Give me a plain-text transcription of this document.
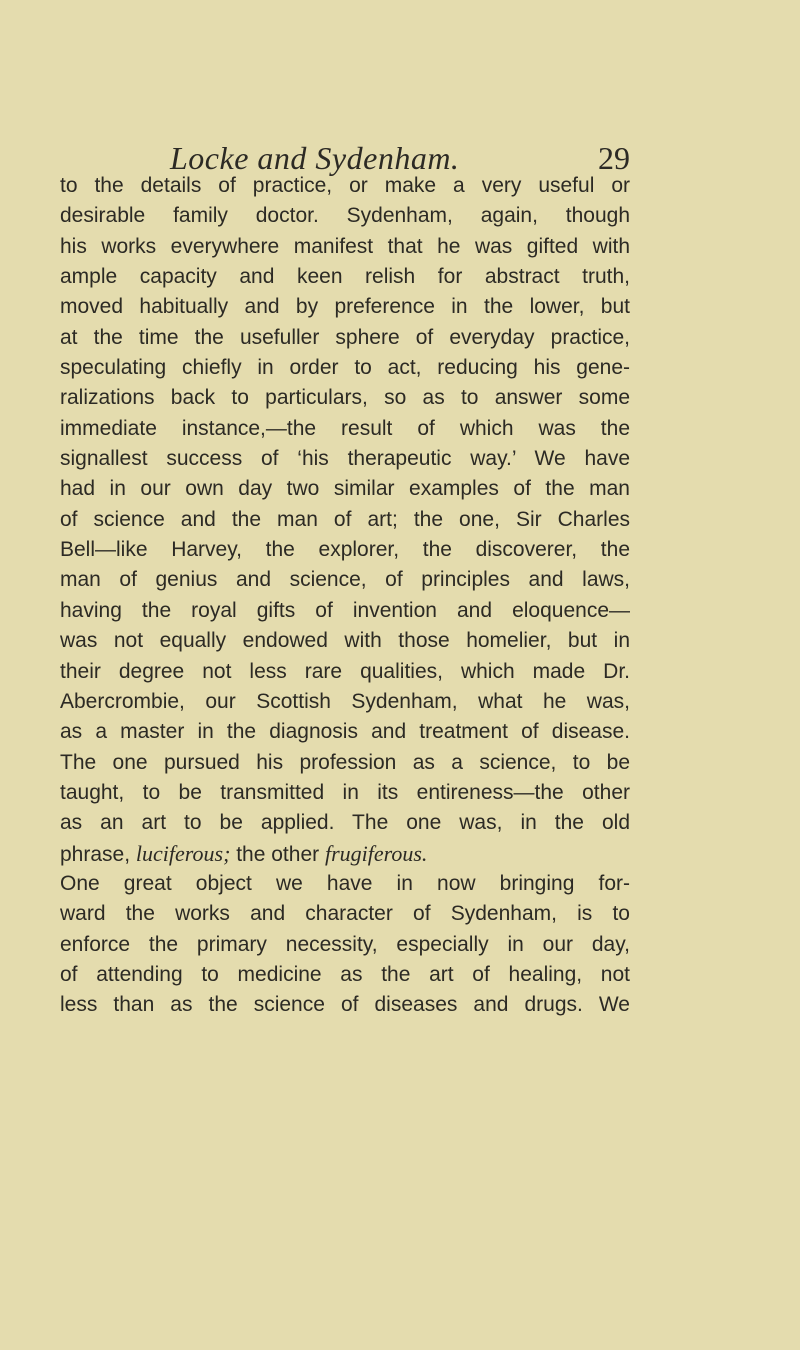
Locke and Sydenham.	29
to the details of practice, or make a very useful or
desirable family doctor. Sydenham, again, though
his works everywhere manifest that he was gifted with
ample capacity and keen relish for abstract truth,
moved habitually and by preference in the lower, but
at the time the usefuller sphere of everyday practice,
speculating chiefly in order to act, reducing his gene-
ralizations back to particulars, so as to answer some
immediate instance,—the result of which was the
signallest success of ‘his therapeutic way.’ We have
had in our own day two similar examples of the man
of science and the man of art; the one, Sir Charles
Bell—like Harvey, the explorer, the discoverer, the
man of genius and science, of principles and laws,
having the royal gifts of invention and eloquence—
was not equally endowed with those homelier, but in
their degree not less rare qualities, which made Dr.
Abercrombie, our Scottish Sydenham, what he was,
as a master in the diagnosis and treatment of disease.
The one pursued his profession as a science, to be
taught, to be transmitted in its entireness—the other
as an art to be applied. The one was, in the old
phrase, luciferous; the other frugiferous.
One great object we have in now bringing for-
ward the works and character of Sydenham, is to
enforce the primary necessity, especially in our day,
of attending to medicine as the art of healing, not
less than as the science of diseases and drugs. We
